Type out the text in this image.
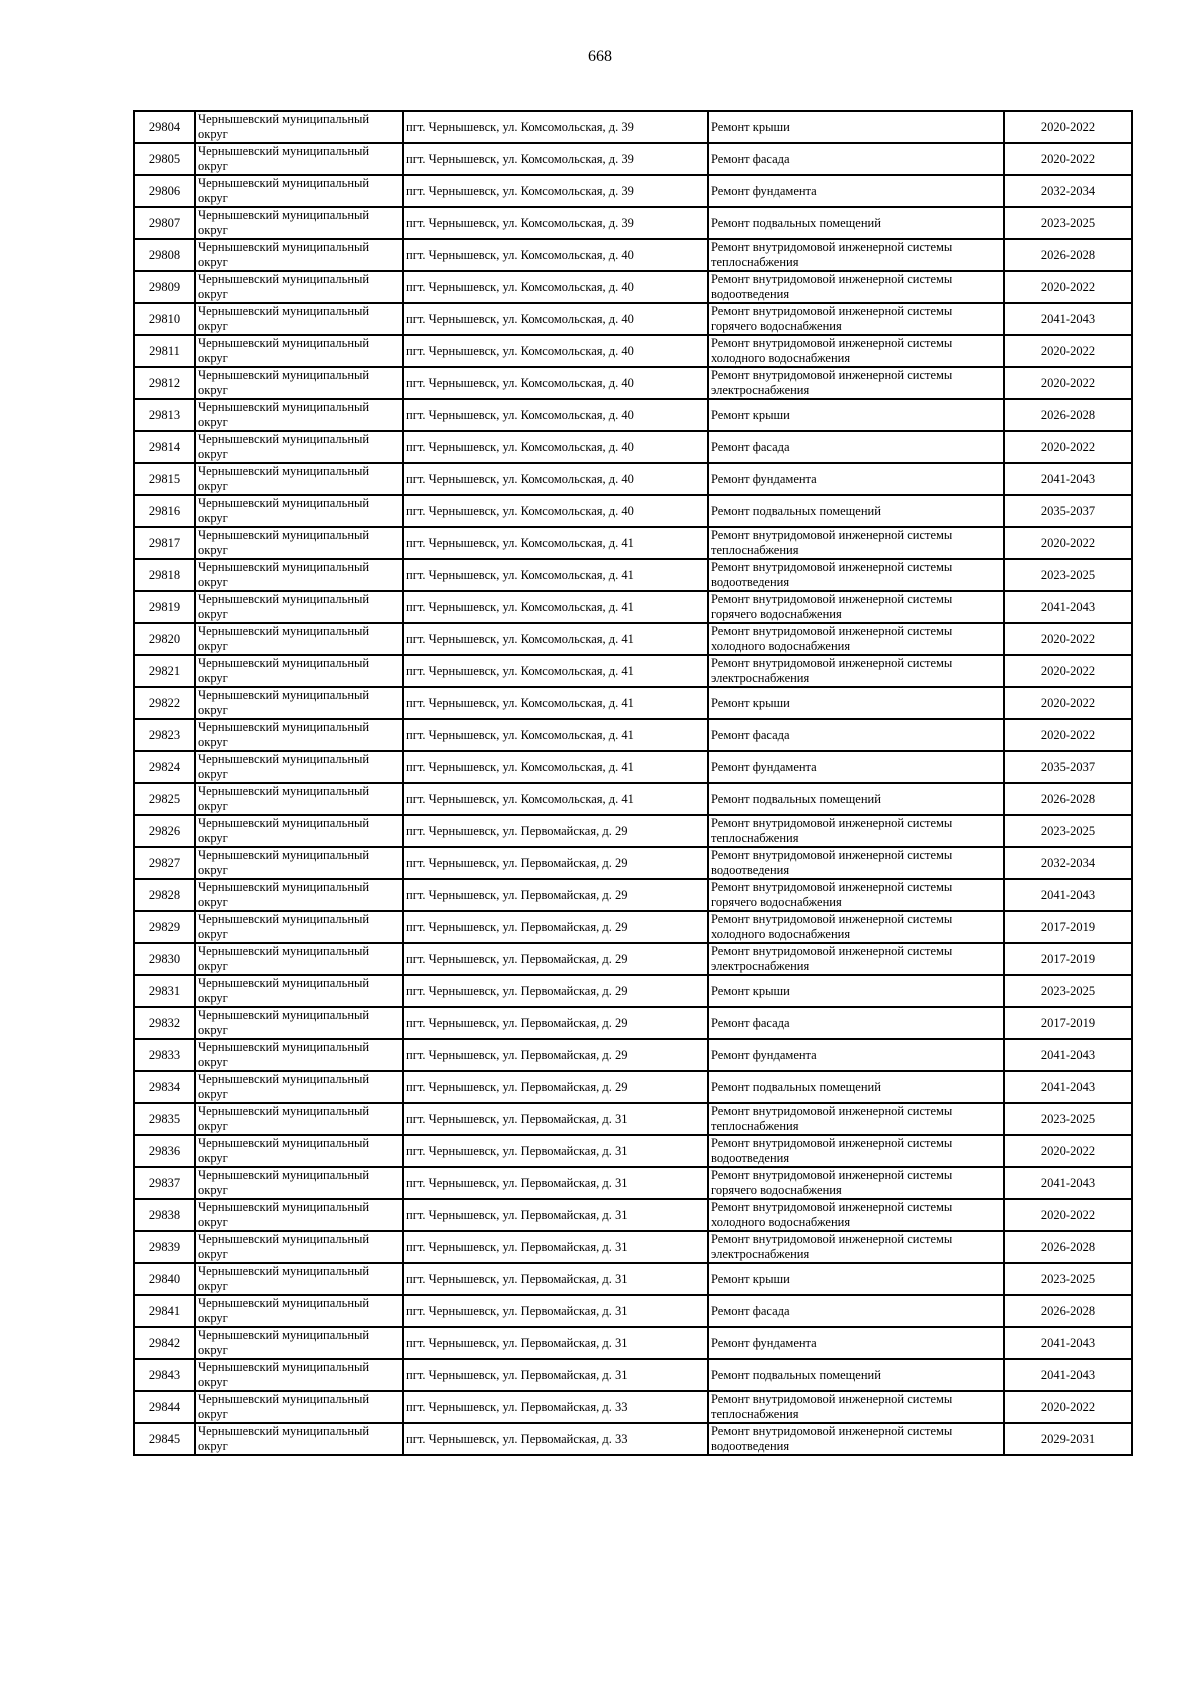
668
29804	Чернышевский муниципальный округ	пгт. Чернышевск, ул. Комсомольская, д. 39	Ремонт крыши	2020-2022
29805	Чернышевский муниципальный округ	пгт. Чернышевск, ул. Комсомольская, д. 39	Ремонт фасада	2020-2022
29806	Чернышевский муниципальный округ	пгт. Чернышевск, ул. Комсомольская, д. 39	Ремонт фундамента	2032-2034
29807	Чернышевский муниципальный округ	пгт. Чернышевск, ул. Комсомольская, д. 39	Ремонт подвальных помещений	2023-2025
29808	Чернышевский муниципальный округ	пгт. Чернышевск, ул. Комсомольская, д. 40	Ремонт внутридомовой инженерной системы теплоснабжения	2026-2028
29809	Чернышевский муниципальный округ	пгт. Чернышевск, ул. Комсомольская, д. 40	Ремонт внутридомовой инженерной системы водоотведения	2020-2022
29810	Чернышевский муниципальный округ	пгт. Чернышевск, ул. Комсомольская, д. 40	Ремонт внутридомовой инженерной системы горячего водоснабжения	2041-2043
29811	Чернышевский муниципальный округ	пгт. Чернышевск, ул. Комсомольская, д. 40	Ремонт внутридомовой инженерной системы холодного водоснабжения	2020-2022
29812	Чернышевский муниципальный округ	пгт. Чернышевск, ул. Комсомольская, д. 40	Ремонт внутридомовой инженерной системы электроснабжения	2020-2022
29813	Чернышевский муниципальный округ	пгт. Чернышевск, ул. Комсомольская, д. 40	Ремонт крыши	2026-2028
29814	Чернышевский муниципальный округ	пгт. Чернышевск, ул. Комсомольская, д. 40	Ремонт фасада	2020-2022
29815	Чернышевский муниципальный округ	пгт. Чернышевск, ул. Комсомольская, д. 40	Ремонт фундамента	2041-2043
29816	Чернышевский муниципальный округ	пгт. Чернышевск, ул. Комсомольская, д. 40	Ремонт подвальных помещений	2035-2037
29817	Чернышевский муниципальный округ	пгт. Чернышевск, ул. Комсомольская, д. 41	Ремонт внутридомовой инженерной системы теплоснабжения	2020-2022
29818	Чернышевский муниципальный округ	пгт. Чернышевск, ул. Комсомольская, д. 41	Ремонт внутридомовой инженерной системы водоотведения	2023-2025
29819	Чернышевский муниципальный округ	пгт. Чернышевск, ул. Комсомольская, д. 41	Ремонт внутридомовой инженерной системы горячего водоснабжения	2041-2043
29820	Чернышевский муниципальный округ	пгт. Чернышевск, ул. Комсомольская, д. 41	Ремонт внутридомовой инженерной системы холодного водоснабжения	2020-2022
29821	Чернышевский муниципальный округ	пгт. Чернышевск, ул. Комсомольская, д. 41	Ремонт внутридомовой инженерной системы электроснабжения	2020-2022
29822	Чернышевский муниципальный округ	пгт. Чернышевск, ул. Комсомольская, д. 41	Ремонт крыши	2020-2022
29823	Чернышевский муниципальный округ	пгт. Чернышевск, ул. Комсомольская, д. 41	Ремонт фасада	2020-2022
29824	Чернышевский муниципальный округ	пгт. Чернышевск, ул. Комсомольская, д. 41	Ремонт фундамента	2035-2037
29825	Чернышевский муниципальный округ	пгт. Чернышевск, ул. Комсомольская, д. 41	Ремонт подвальных помещений	2026-2028
29826	Чернышевский муниципальный округ	пгт. Чернышевск, ул. Первомайская, д. 29	Ремонт внутридомовой инженерной системы теплоснабжения	2023-2025
29827	Чернышевский муниципальный округ	пгт. Чернышевск, ул. Первомайская, д. 29	Ремонт внутридомовой инженерной системы водоотведения	2032-2034
29828	Чернышевский муниципальный округ	пгт. Чернышевск, ул. Первомайская, д. 29	Ремонт внутридомовой инженерной системы горячего водоснабжения	2041-2043
29829	Чернышевский муниципальный округ	пгт. Чернышевск, ул. Первомайская, д. 29	Ремонт внутридомовой инженерной системы холодного водоснабжения	2017-2019
29830	Чернышевский муниципальный округ	пгт. Чернышевск, ул. Первомайская, д. 29	Ремонт внутридомовой инженерной системы электроснабжения	2017-2019
29831	Чернышевский муниципальный округ	пгт. Чернышевск, ул. Первомайская, д. 29	Ремонт крыши	2023-2025
29832	Чернышевский муниципальный округ	пгт. Чернышевск, ул. Первомайская, д. 29	Ремонт фасада	2017-2019
29833	Чернышевский муниципальный округ	пгт. Чернышевск, ул. Первомайская, д. 29	Ремонт фундамента	2041-2043
29834	Чернышевский муниципальный округ	пгт. Чернышевск, ул. Первомайская, д. 29	Ремонт подвальных помещений	2041-2043
29835	Чернышевский муниципальный округ	пгт. Чернышевск, ул. Первомайская, д. 31	Ремонт внутридомовой инженерной системы теплоснабжения	2023-2025
29836	Чернышевский муниципальный округ	пгт. Чернышевск, ул. Первомайская, д. 31	Ремонт внутридомовой инженерной системы водоотведения	2020-2022
29837	Чернышевский муниципальный округ	пгт. Чернышевск, ул. Первомайская, д. 31	Ремонт внутридомовой инженерной системы горячего водоснабжения	2041-2043
29838	Чернышевский муниципальный округ	пгт. Чернышевск, ул. Первомайская, д. 31	Ремонт внутридомовой инженерной системы холодного водоснабжения	2020-2022
29839	Чернышевский муниципальный округ	пгт. Чернышевск, ул. Первомайская, д. 31	Ремонт внутридомовой инженерной системы электроснабжения	2026-2028
29840	Чернышевский муниципальный округ	пгт. Чернышевск, ул. Первомайская, д. 31	Ремонт крыши	2023-2025
29841	Чернышевский муниципальный округ	пгт. Чернышевск, ул. Первомайская, д. 31	Ремонт фасада	2026-2028
29842	Чернышевский муниципальный округ	пгт. Чернышевск, ул. Первомайская, д. 31	Ремонт фундамента	2041-2043
29843	Чернышевский муниципальный округ	пгт. Чернышевск, ул. Первомайская, д. 31	Ремонт подвальных помещений	2041-2043
29844	Чернышевский муниципальный округ	пгт. Чернышевск, ул. Первомайская, д. 33	Ремонт внутридомовой инженерной системы теплоснабжения	2020-2022
29845	Чернышевский муниципальный округ	пгт. Чернышевск, ул. Первомайская, д. 33	Ремонт внутридомовой инженерной системы водоотведения	2029-2031
